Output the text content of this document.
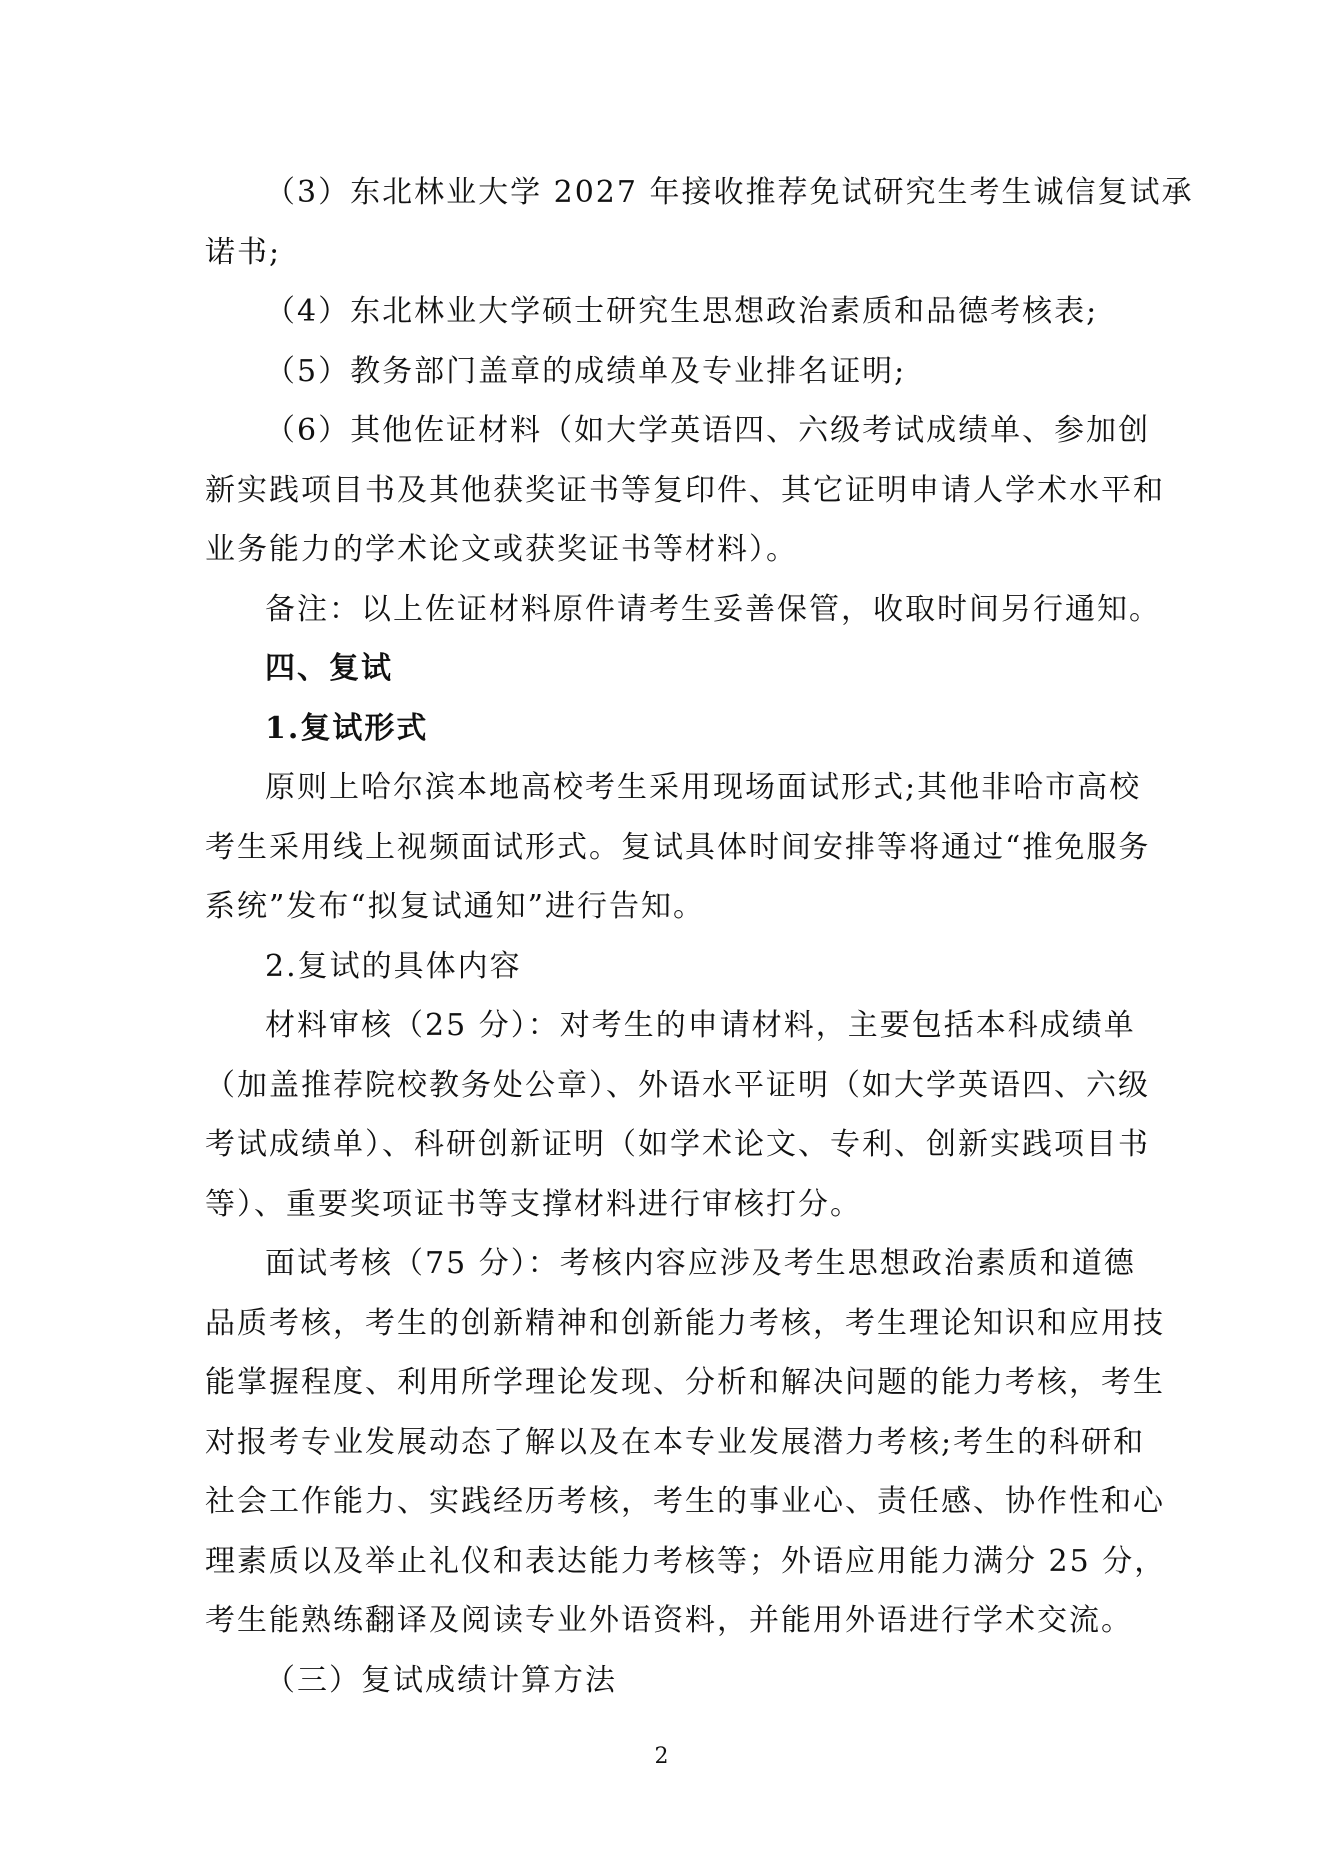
（3）东北林业大学 2027 年接收推荐免试研究生考生诚信复试承
诺书;
（4）东北林业大学硕士研究生思想政治素质和品德考核表;
（5）教务部门盖章的成绩单及专业排名证明;
（6）其他佐证材料（如大学英语四、六级考试成绩单、参加创
新实践项目书及其他获奖证书等复印件、其它证明申请人学术水平和
业务能力的学术论文或获奖证书等材料）。
备注：以上佐证材料原件请考生妥善保管，收取时间另行通知。
四、复试
1.复试形式
原则上哈尔滨本地高校考生采用现场面试形式;其他非哈市高校
考生采用线上视频面试形式。复试具体时间安排等将通过“推免服务
系统”发布“拟复试通知”进行告知。
2.复试的具体内容
材料审核（25 分）：对考生的申请材料，主要包括本科成绩单
（加盖推荐院校教务处公章）、外语水平证明（如大学英语四、六级
考试成绩单）、科研创新证明（如学术论文、专利、创新实践项目书
等）、重要奖项证书等支撑材料进行审核打分。
面试考核（75 分）：考核内容应涉及考生思想政治素质和道德
品质考核，考生的创新精神和创新能力考核，考生理论知识和应用技
能掌握程度、利用所学理论发现、分析和解决问题的能力考核，考生
对报考专业发展动态了解以及在本专业发展潜力考核;考生的科研和
社会工作能力、实践经历考核，考生的事业心、责任感、协作性和心
理素质以及举止礼仪和表达能力考核等；外语应用能力满分 25 分，
考生能熟练翻译及阅读专业外语资料，并能用外语进行学术交流。
（三）复试成绩计算方法
2
